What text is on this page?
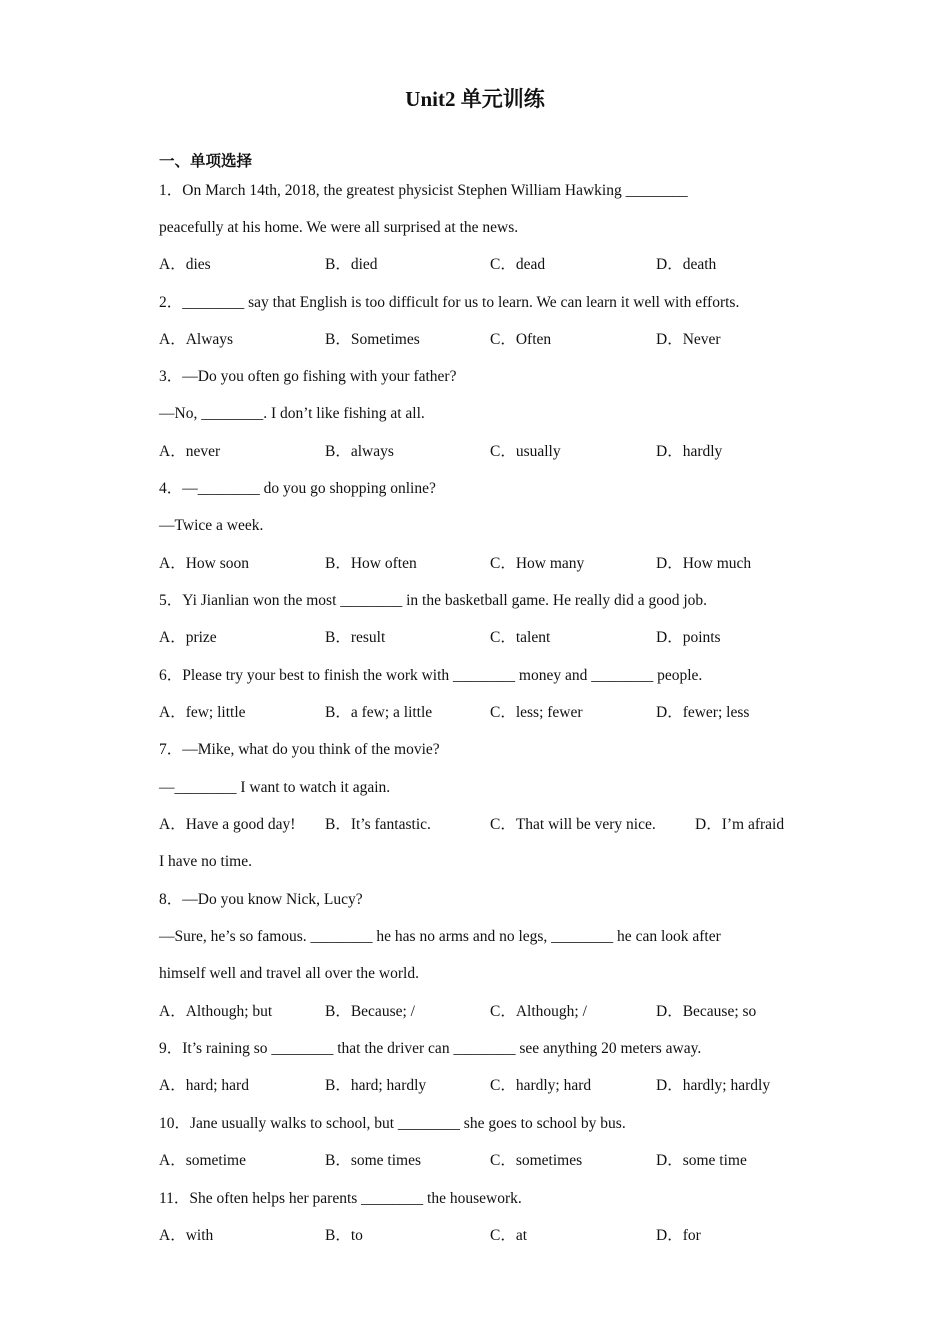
Unit2 单元训练
一、单项选择
1．On March 14th, 2018, the greatest physicist Stephen William Hawking ________
peacefully at his home. We were all surprised at the news.
A．dies	B．died	C．dead	D．death
2．________ say that English is too difficult for us to learn. We can learn it well with efforts.
A．Always	B．Sometimes	C．Often	D．Never
3．—Do you often go fishing with your father?
—No, ________. I don’t like fishing at all.
A．never	B．always	C．usually	D．hardly
4．—________ do you go shopping online?
—Twice a week.
A．How soon	B．How often	C．How many	D．How much
5．Yi Jianlian won the most ________ in the basketball game. He really did a good job.
A．prize	B．result	C．talent	D．points
6．Please try your best to finish the work with ________ money and ________ people.
A．few; little	B．a few; a little	C．less; fewer	D．fewer; less
7．—Mike, what do you think of the movie?
—________ I want to watch it again.
A．Have a good day! B．It’s fantastic.	C．That will be very nice.	D．I’m afraid
I have no time.
8．—Do you know Nick, Lucy?
—Sure, he’s so famous. ________ he has no arms and no legs, ________ he can look after
himself well and travel all over the world.
A．Although; but	B．Because; /	C．Although; /	D．Because; so
9．It’s raining so ________ that the driver can ________ see anything 20 meters away.
A．hard; hard	B．hard; hardly	C．hardly; hard	D．hardly; hardly
10．Jane usually walks to school, but ________ she goes to school by bus.
A．sometime	B．some times	C．sometimes	D．some time
11．She often helps her parents ________ the housework.
A．with	B．to	C．at	D．for
